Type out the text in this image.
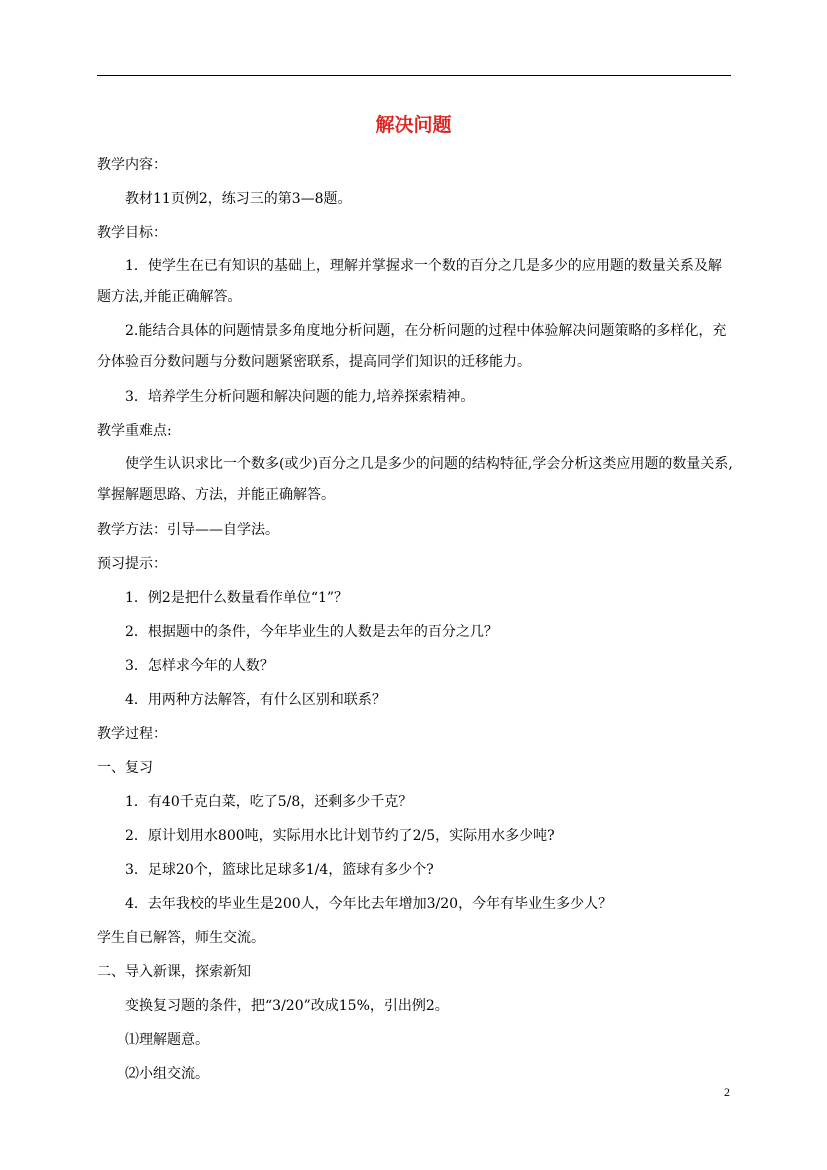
解决问题

教学内容：

教材11页例2，练习三的第3—8题。

教学目标：

1．使学生在已有知识的基础上，理解并掌握求一个数的百分之几是多少的应用题的数量关系及解题方法,并能正确解答。

2.能结合具体的问题情景多角度地分析问题，在分析问题的过程中体验解决问题策略的多样化，充分体验百分数问题与分数问题紧密联系，提高同学们知识的迁移能力。

3．培养学生分析问题和解决问题的能力,培养探索精神。

教学重难点:

使学生认识求比一个数多(或少)百分之几是多少的问题的结构特征,学会分析这类应用题的数量关系,掌握解题思路、方法，并能正确解答。

教学方法：引导——自学法。

预习提示：

1．例2是把什么数量看作单位“1”？

2．根据题中的条件，今年毕业生的人数是去年的百分之几？

3．怎样求今年的人数？

4．用两种方法解答，有什么区别和联系？

教学过程：

一、复习

1．有40千克白菜，吃了5/8，还剩多少千克？

2．原计划用水800吨，实际用水比计划节约了2/5，实际用水多少吨?

3．足球20个，篮球比足球多1/4，篮球有多少个?

4．去年我校的毕业生是200人，今年比去年增加3/20，今年有毕业生多少人？

学生自已解答，师生交流。

二、导入新课，探索新知

变换复习题的条件，把“3/20”改成15%，引出例2。

⑴理解题意。

⑵小组交流。

2
